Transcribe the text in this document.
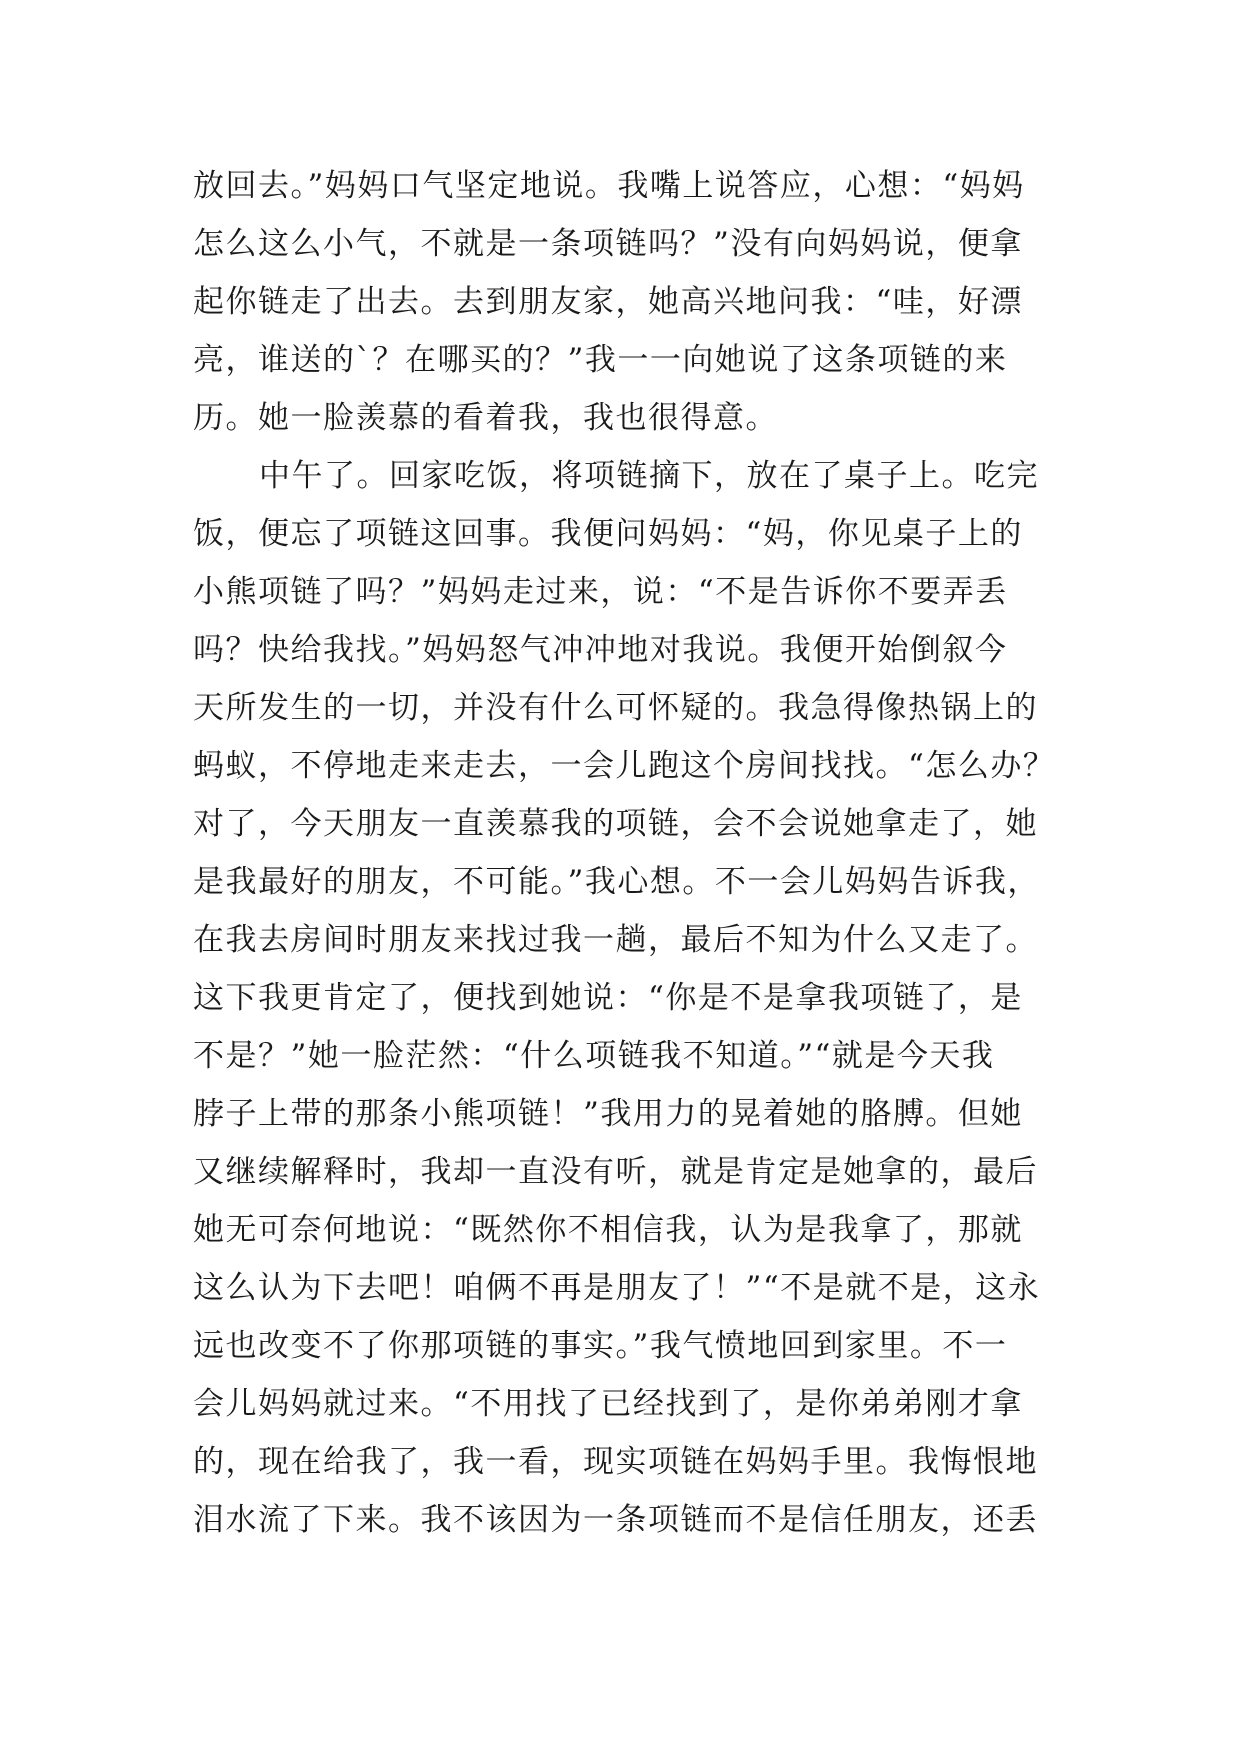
放回去。”妈妈口气坚定地说。我嘴上说答应，心想：“妈妈
怎么这么小气，不就是一条项链吗？”没有向妈妈说，便拿
起你链走了出去。去到朋友家，她高兴地问我：“哇，好漂
亮，谁送的`？在哪买的？”我一一向她说了这条项链的来
历。她一脸羡慕的看着我，我也很得意。
中午了。回家吃饭，将项链摘下，放在了桌子上。吃完
饭，便忘了项链这回事。我便问妈妈：“妈，你见桌子上的
小熊项链了吗？”妈妈走过来，说：“不是告诉你不要弄丢
吗？快给我找。”妈妈怒气冲冲地对我说。我便开始倒叙今
天所发生的一切，并没有什么可怀疑的。我急得像热锅上的
蚂蚁，不停地走来走去，一会儿跑这个房间找找。“怎么办？
对了，今天朋友一直羡慕我的项链，会不会说她拿走了，她
是我最好的朋友，不可能。”我心想。不一会儿妈妈告诉我，
在我去房间时朋友来找过我一趟，最后不知为什么又走了。
这下我更肯定了，便找到她说：“你是不是拿我项链了，是
不是？”她一脸茫然：“什么项链我不知道。”“就是今天我
脖子上带的那条小熊项链！”我用力的晃着她的胳膊。但她
又继续解释时，我却一直没有听，就是肯定是她拿的，最后
她无可奈何地说：“既然你不相信我，认为是我拿了，那就
这么认为下去吧！咱俩不再是朋友了！”“不是就不是，这永
远也改变不了你那项链的事实。”我气愤地回到家里。不一
会儿妈妈就过来。“不用找了已经找到了，是你弟弟刚才拿
的，现在给我了，我一看，现实项链在妈妈手里。我悔恨地
泪水流了下来。我不该因为一条项链而不是信任朋友，还丢
